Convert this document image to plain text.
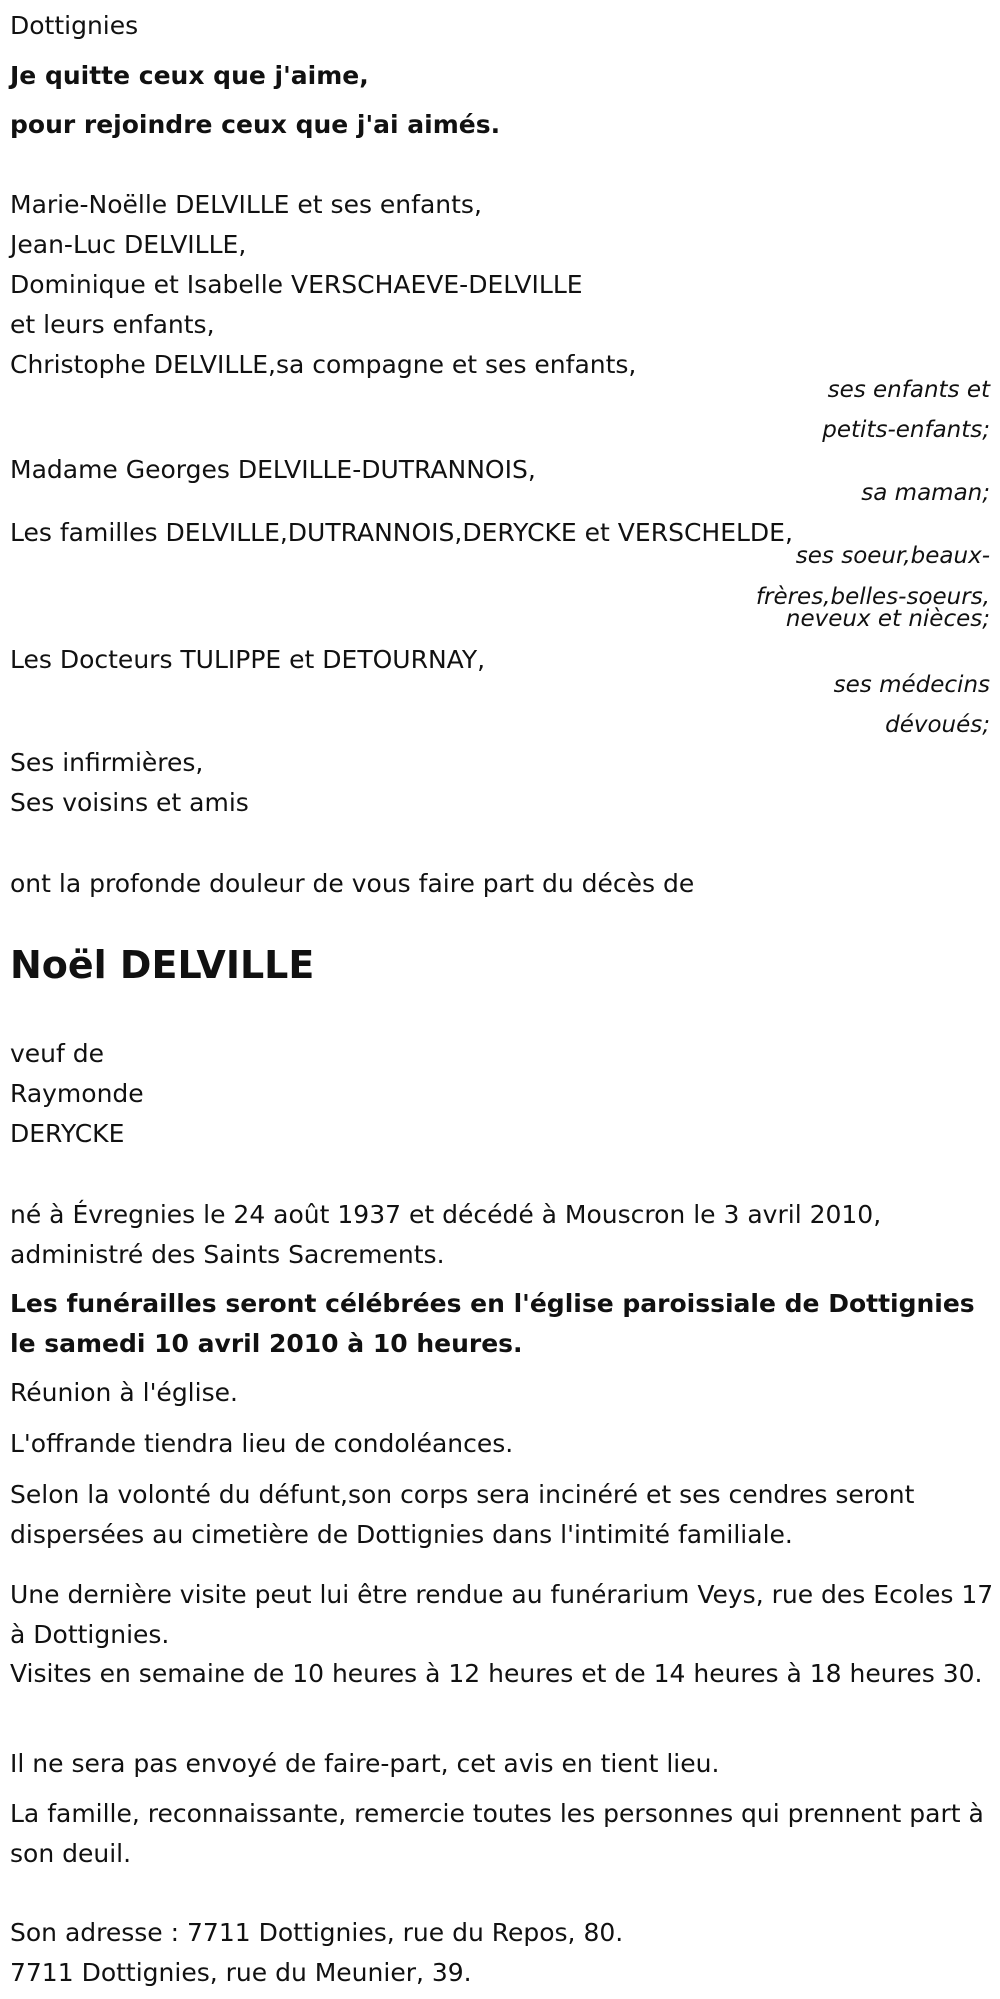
Dottignies

Je quitte ceux que j'aime,

pour rejoindre ceux que j'ai aimés.

Marie-Noëlle DELVILLE et ses enfants,
Jean-Luc DELVILLE,
Dominique et Isabelle VERSCHAEVE-DELVILLE
et leurs enfants,
Christophe DELVILLE,sa compagne et ses enfants,
ses enfants et
petits-enfants;

Madame Georges DELVILLE-DUTRANNOIS,

sa maman;

Les familles DELVILLE,DUTRANNOIS,DERYCKE et VERSCHELDE,

ses soeur,beaux-
frères,belles-soeurs,
neveux et nièces;

Les Docteurs TULIPPE et DETOURNAY,

ses médecins
dévoués;
Ses infirmières,
Ses voisins et amis

ont la profonde douleur de vous faire part du décès de

Noël DELVILLE

veuf de
Raymonde
DERYCKE
né à Évregnies le 24 août 1937 et décédé à Mouscron le 3 avril 2010,
administré des Saints Sacrements.

Les funérailles seront célébrées en l'église paroissiale de Dottignies le samedi 10 avril 2010 à 10 heures.

Réunion à l'église.

L'offrande tiendra lieu de condoléances.

Selon la volonté du défunt,son corps sera incinéré et ses cendres seront dispersées au cimetière de Dottignies dans l'intimité familiale.

Une dernière visite peut lui être rendue au funérarium Veys, rue des Ecoles 17 à Dottignies.

Visites en semaine de 10 heures à 12 heures et de 14 heures à 18 heures 30.

Il ne sera pas envoyé de faire-part, cet avis en tient lieu.

La famille, reconnaissante, remercie toutes les personnes qui prennent part à son deuil.

Son adresse : 7711 Dottignies, rue du Repos, 80.
7711 Dottignies, rue du Meunier, 39.
